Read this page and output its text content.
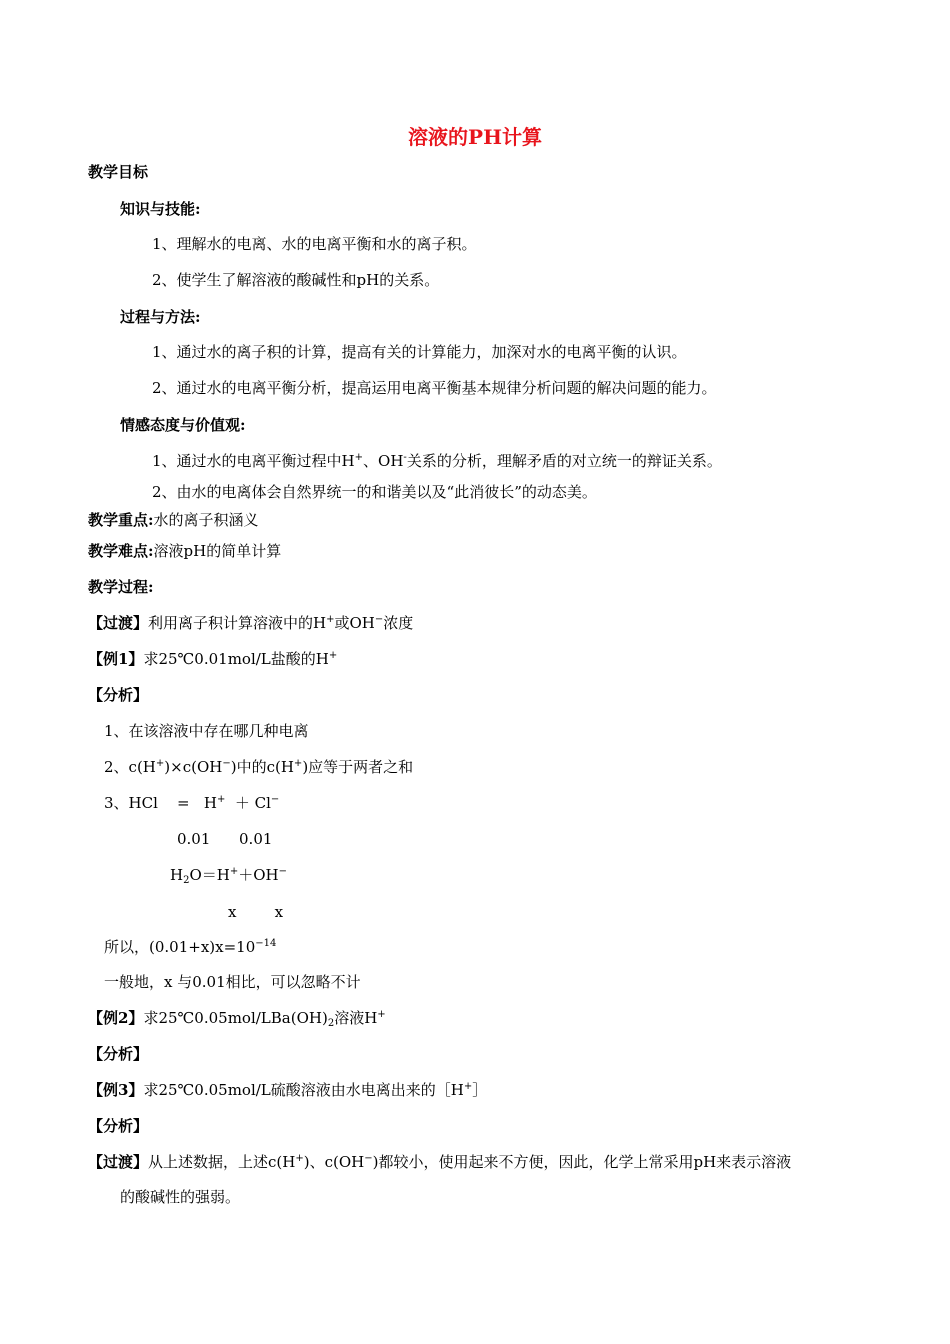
溶液的PH计算
教学目标
知识与技能:
1、理解水的电离、水的电离平衡和水的离子积。
2、使学生了解溶液的酸碱性和pH的关系。
过程与方法:
1、通过水的离子积的计算，提高有关的计算能力，加深对水的电离平衡的认识。
2、通过水的电离平衡分析，提高运用电离平衡基本规律分析问题的解决问题的能力。
情感态度与价值观:
1、通过水的电离平衡过程中H+、OH-关系的分析，理解矛盾的对立统一的辩证关系。
2、由水的电离体会自然界统一的和谐美以及“此消彼长”的动态美。
教学重点:水的离子积涵义
教学难点:溶液pH的简单计算
教学过程:
【过渡】利用离子积计算溶液中的H+或OH−浓度
【例1】求25℃0.01mol/L盐酸的H+
【分析】
1、在该溶液中存在哪几种电离
2、c(H+)×c(OH−)中的c(H+)应等于两者之和
3、HCl    =   H+  ＋ Cl−
0.01      0.01
$H_2O=H^++OH^-$
x        x
所以，$(0.01+x)x=10^{-14}$
一般地，x 与0.01相比，可以忽略不计
【例2】求$25℃0.05mol/LBa(OH)_2$溶液H+
【分析】
【例3】求25℃0.05mol/L硫酸溶液由水电离出来的［H+］
【分析】
【过渡】从上述数据，上述c(H+)、c(OH−)都较小，使用起来不方便，因此，化学上常采用pH来表示溶液
的酸碱性的强弱。
